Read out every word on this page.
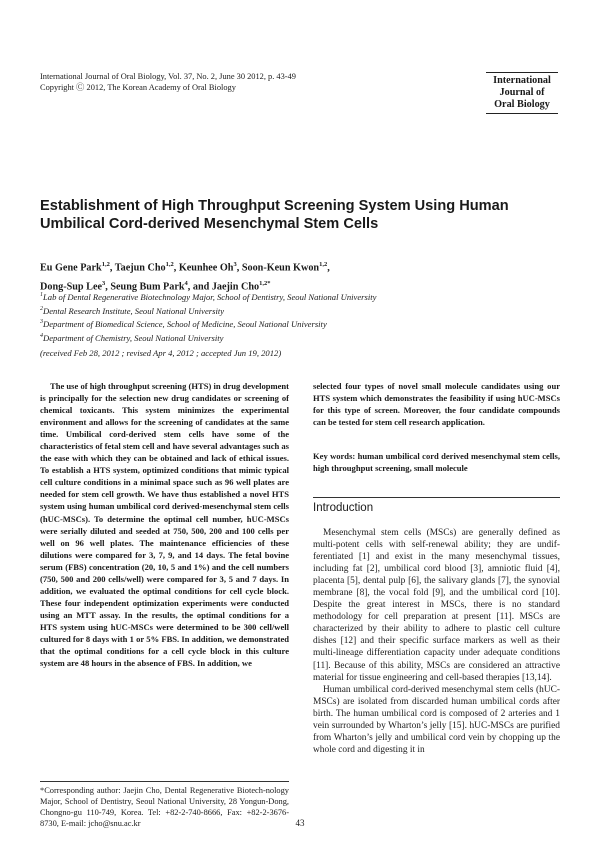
International Journal of Oral Biology, Vol. 37, No. 2, June 30 2012, p. 43-49
Copyright Ⓒ 2012, The Korean Academy of Oral Biology
International
Journal of
Oral Biology
Establishment of High Throughput Screening System Using Human Umbilical Cord-derived Mesenchymal Stem Cells
Eu Gene Park$^{1,2}$, Taejun Cho$^{1,2}$, Keunhee Oh$^3$, Soon-Keun Kwon$^{1,2}$,
Dong-Sup Lee$^3$, Seung Bum Park$^4$, and Jaejin Cho$^{1,2*}$
$^1$Lab of Dental Regenerative Biotechnology Major, School of Dentistry, Seoul National University
$^2$Dental Research Institute, Seoul National University
$^3$Department of Biomedical Science, School of Medicine, Seoul National University
$^4$Department of Chemistry, Seoul National University
(received Feb 28, 2012 ; revised Apr 4, 2012 ; accepted Jun 19, 2012)
The use of high throughput screening (HTS) in drug development is principally for the selection new drug candidates or screening of chemical toxicants. This system minimizes the experimental environment and allows for the screening of candidates at the same time. Umbilical cord-derived stem cells have some of the characteristics of fetal stem cell and have several advantages such as the ease with which they can be obtained and lack of ethical issues. To establish a HTS system, optimized conditions that mimic typical cell culture conditions in a minimal space such as 96 well plates are needed for stem cell growth. We have thus established a novel HTS system using human umbilical cord derived-mesenchymal stem cells (hUC-MSCs). To determine the optimal cell number, hUC-MSCs were serially diluted and seeded at 750, 500, 200 and 100 cells per well on 96 well plates. The maintenance efficiencies of these dilutions were compared for 3, 7, 9, and 14 days. The fetal bovine serum (FBS) concentration (20, 10, 5 and 1%) and the cell numbers (750, 500 and 200 cells/well) were compared for 3, 5 and 7 days. In addition, we evaluated the optimal conditions for cell cycle block. These four independent optimization experiments were conducted using an MTT assay. In the results, the optimal conditions for a HTS system using hUC-MSCs were determined to be 300 cell/well cultured for 8 days with 1 or 5% FBS. In addition, we demonstrated that the optimal conditions for a cell cycle block in this culture system are 48 hours in the absence of FBS. In addition, we
selected four types of novel small molecule candidates using our HTS system which demonstrates the feasibility if using hUC-MSCs for this type of screen. Moreover, the four candidate compounds can be tested for stem cell research application.
Key words: human umbilical cord derived mesenchymal stem cells, high throughput screening, small molecule
Introduction

Mesenchymal stem cells (MSCs) are generally defined as multi-potent cells with self-renewal ability; they are undif-ferentiated [1] and exist in the many mesenchymal tissues, including fat [2], umbilical cord blood [3], amniotic fluid [4], placenta [5], dental pulp [6], the salivary glands [7], the synovial membrane [8], the vocal fold [9], and the umbilical cord [10]. Despite the great interest in MSCs, there is no standard methodology for cell preparation at present [11]. MSCs are characterized by their ability to adhere to plastic cell culture dishes [12] and their specific surface markers as well as their multi-lineage differentiation capacity under adequate conditions [11]. Because of this ability, MSCs are considered an attractive material for tissue engineering and cell-based therapies [13,14].

Human umbilical cord-derived mesenchymal stem cells (hUC-MSCs) are isolated from discarded human umbilical cords after birth. The human umbilical cord is composed of 2 arteries and 1 vein surrounded by Wharton’s jelly [15]. hUC-MSCs are purified from Wharton’s jelly and umbilical cord vein by chopping up the whole cord and digesting it in

*Corresponding author: Jaejin Cho, Dental Regenerative Biotech-nology Major, School of Dentistry, Seoul National University, 28 Yongun-Dong, Chongno-gu 110-749, Korea. Tel: +82-2-740-8666, Fax: +82-2-3676-8730, E-mail: jcho@snu.ac.kr	43
